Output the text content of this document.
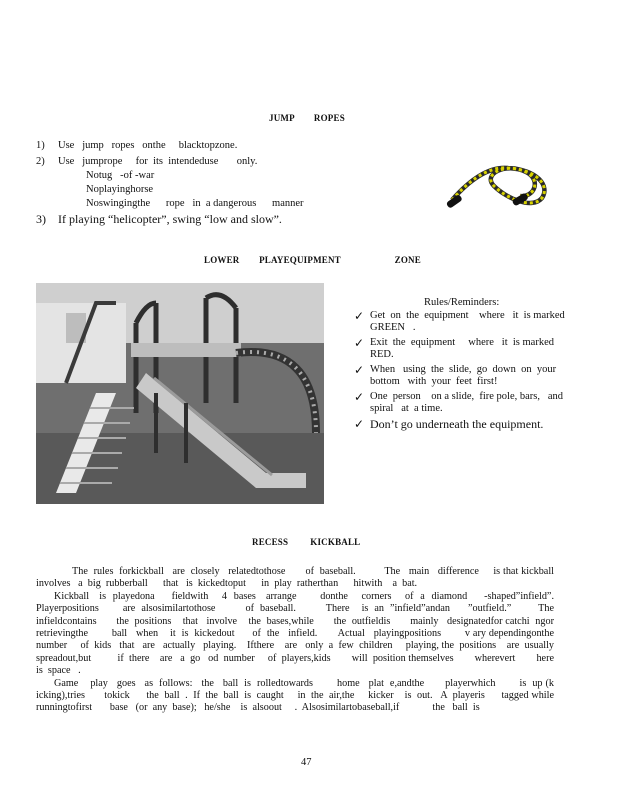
JUMP        ROPES
1) Use   jump   ropes   onthe     blacktopzone.
2) Use   jumprope     for  its  intendeduse       only.
Notug   -of -war
Noplayinghorse
Noswingingthe      rope   in  a dangerous      manner
3) If playing “helicopter”, swing “low and slow”.
LOWER        PLAYEQUIPMENT                      ZONE
Rules/Reminders:
✓ Get  on  the  equipment    where   it  is marked
GREEN   .
✓ Exit  the  equipment     where   it  is marked
RED.
✓ When   using  the  slide,  go  down  on  your
bottom   with  your  feet  first!
✓ One  person    on a slide,  fire pole, bars,   and
spiral   at  a time.
✓ Don’t go underneath the equipment.
RECESS         KICKBALL

The  rules  forkickball   are  closely   relatedtothose       of  baseball.          The   main   difference     is that kickball   involves   a  big  rubberball      that   is  kickedtoput      in  play  ratherthan      hitwith    a  bat.

Kickball   is  playedona     fieldwith    4  bases   arrange       donthe    corners    of  a  diamond     -shaped”infield”. Playerpositions        are  alsosimilartothose          of  baseball.          There    is  an  ”infield”andan      ”outfield.”         The infieldcontains       the  positions    that   involve    the  bases,while       the  outfieldis       mainly   designatedfor catchi  ngor  retrievingthe        ball   when    it  is  kickedout      of  the   infield.       Actual   playingpositions        v ary dependingonthe          number     of  kids   that   are   actually   playing.    Ifthere    are   only  a  few  children     playing, the  positions    are  usually   spreadout,but          if  there    are   a  go   od  number     of  players,kids        will  position themselves        wherevert        here   is  space   .

Game    play   goes   as  follows:   the   ball  is  rolledtowards        home   plat  e,andthe       playerwhich        is  up (k icking),tries       tokick      the  ball  .  If  the  ball  is  caught     in  the  air,the     kicker    is  out.   A  playeris      tagged while  runningtofirst       base   (or  any  base);   he/she    is  alsoout     .  Alsosimilartobaseball,if             the   ball  is

47
